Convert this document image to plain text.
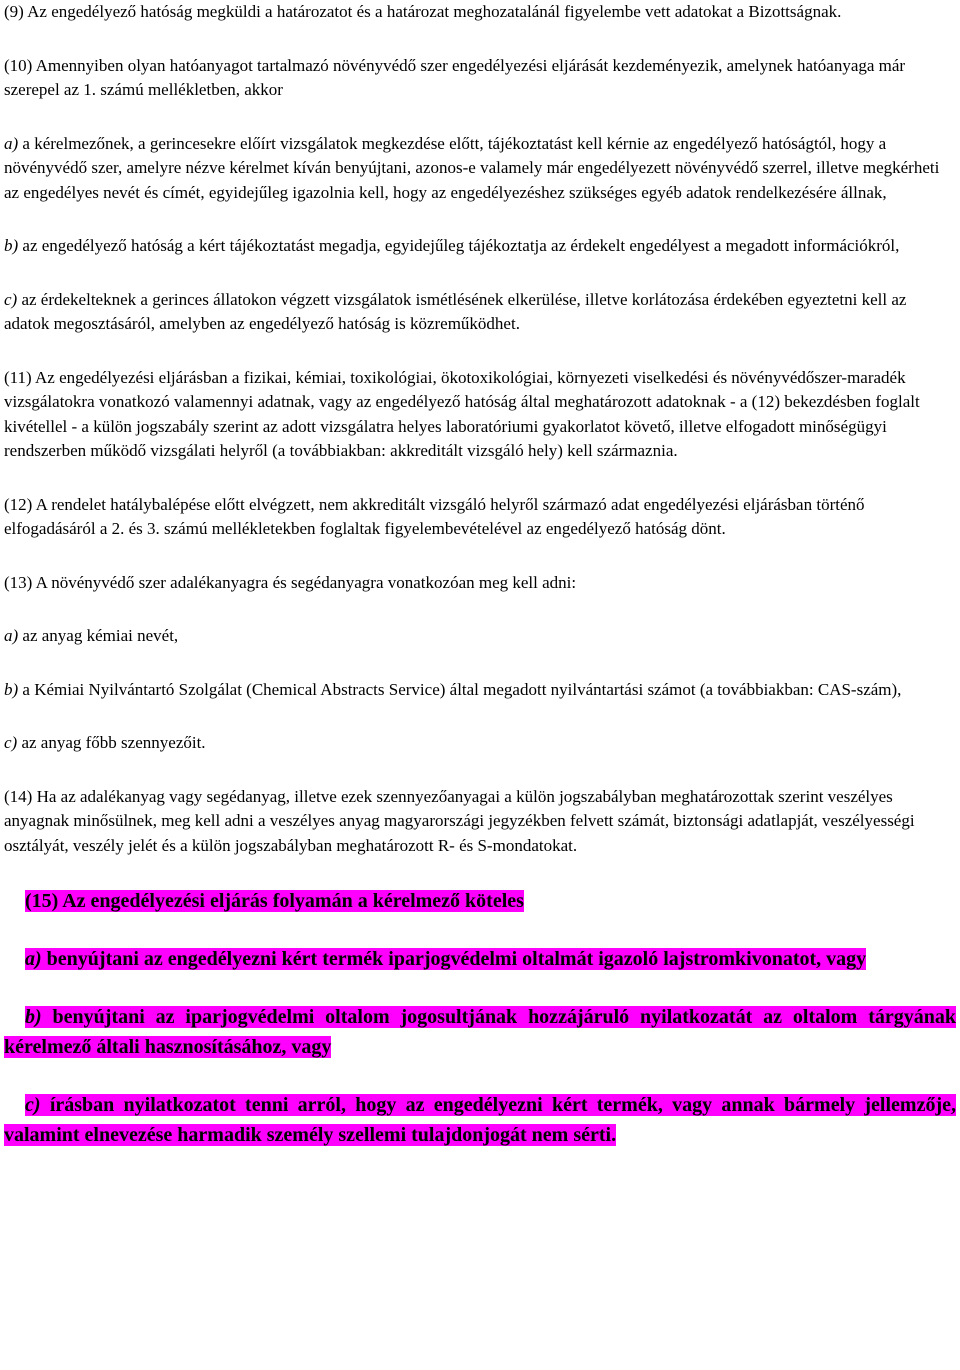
(9) Az engedélyező hatóság megküldi a határozatot és a határozat meghozatalánál figyelembe vett adatokat a Bizottságnak.

(10) Amennyiben olyan hatóanyagot tartalmazó növényvédő szer engedélyezési eljárását kezdeményezik, amelynek hatóanyaga már szerepel az 1. számú mellékletben, akkor

a) a kérelmezőnek, a gerincesekre előírt vizsgálatok megkezdése előtt, tájékoztatást kell kérnie az engedélyező hatóságtól, hogy a növényvédő szer, amelyre nézve kérelmet kíván benyújtani, azonos-e valamely már engedélyezett növényvédő szerrel, illetve megkérheti az engedélyes nevét és címét, egyidejűleg igazolnia kell, hogy az engedélyezéshez szükséges egyéb adatok rendelkezésére állnak,

b) az engedélyező hatóság a kért tájékoztatást megadja, egyidejűleg tájékoztatja az érdekelt engedélyest a megadott információkról,

c) az érdekelteknek a gerinces állatokon végzett vizsgálatok ismétlésének elkerülése, illetve korlátozása érdekében egyeztetni kell az adatok megosztásáról, amelyben az engedélyező hatóság is közreműködhet.

(11) Az engedélyezési eljárásban a fizikai, kémiai, toxikológiai, ökotoxikológiai, környezeti viselkedési és növényvédőszer-maradék vizsgálatokra vonatkozó valamennyi adatnak, vagy az engedélyező hatóság által meghatározott adatoknak - a (12) bekezdésben foglalt kivétellel - a külön jogszabály szerint az adott vizsgálatra helyes laboratóriumi gyakorlatot követő, illetve elfogadott minőségügyi rendszerben működő vizsgálati helyről (a továbbiakban: akkreditált vizsgáló hely) kell származnia.

(12) A rendelet hatálybalépése előtt elvégzett, nem akkreditált vizsgáló helyről származó adat engedélyezési eljárásban történő elfogadásáról a 2. és 3. számú mellékletekben foglaltak figyelembevételével az engedélyező hatóság dönt.

(13) A növényvédő szer adalékanyagra és segédanyagra vonatkozóan meg kell adni:

a) az anyag kémiai nevét,

b) a Kémiai Nyilvántartó Szolgálat (Chemical Abstracts Service) által megadott nyilvántartási számot (a továbbiakban: CAS-szám),

c) az anyag főbb szennyezőit.

(14) Ha az adalékanyag vagy segédanyag, illetve ezek szennyezőanyagai a külön jogszabályban meghatározottak szerint veszélyes anyagnak minősülnek, meg kell adni a veszélyes anyag magyarországi jegyzékben felvett számát, biztonsági adatlapját, veszélyességi osztályát, veszély jelét és a külön jogszabályban meghatározott R- és S-mondatokat.

(15) Az engedélyezési eljárás folyamán a kérelmező köteles

a) benyújtani az engedélyezni kért termék iparjogvédelmi oltalmát igazoló lajstromkivonatot, vagy

b) benyújtani az iparjogvédelmi oltalom jogosultjának hozzájáruló nyilatkozatát az oltalom tárgyának kérelmező általi hasznosításához, vagy

c) írásban nyilatkozatot tenni arról, hogy az engedélyezni kért termék, vagy annak bármely jellemzője, valamint elnevezése harmadik személy szellemi tulajdonjogát nem sérti.
